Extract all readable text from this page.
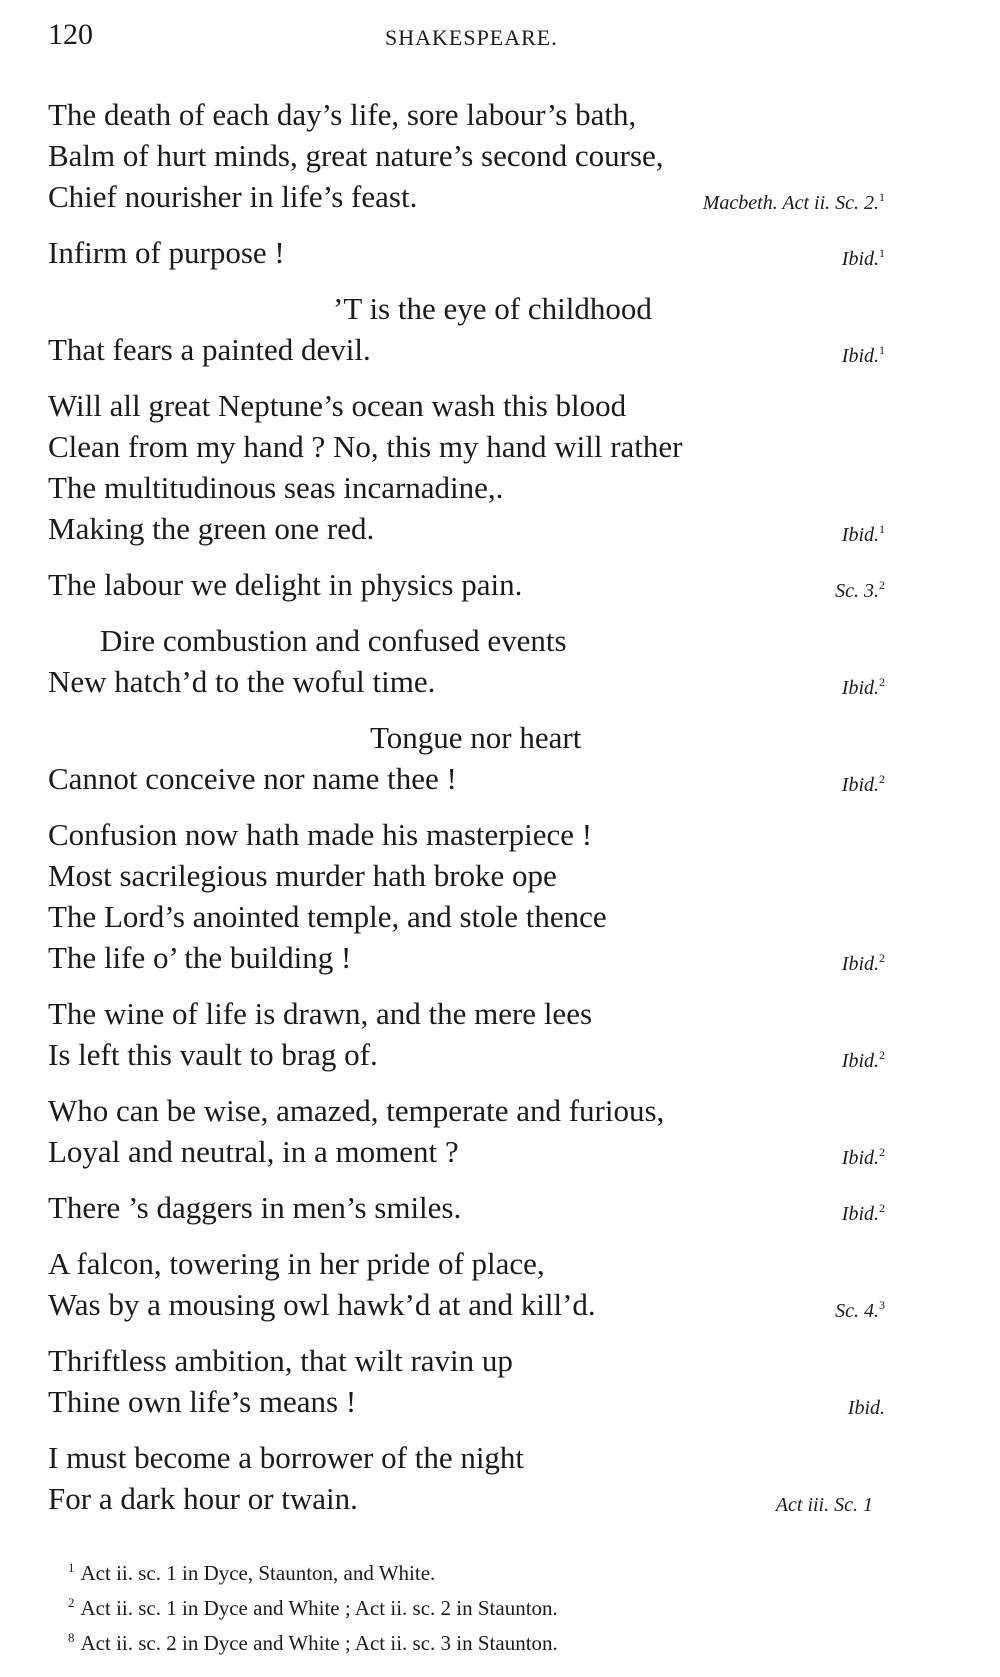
120	SHAKESPEARE.
The death of each day’s life, sore labour’s bath,
Balm of hurt minds, great nature’s second course,
Chief nourisher in life’s feast.	Macbeth. Act ii. Sc. 2.$^1$
Infirm of purpose !	Ibid.$^1$
’T is the eye of childhood
That fears a painted devil.	Ibid.$^1$
Will all great Neptune’s ocean wash this blood
Clean from my hand ? No, this my hand will rather
The multitudinous seas incarnadine,.
Making the green one red.	Ibid.$^1$
The labour we delight in physics pain.	Sc. 3.$^2$
Dire combustion and confused events
New hatch’d to the woful time.	Ibid.$^2$
Tongue nor heart
Cannot conceive nor name thee !	Ibid.$^2$
Confusion now hath made his masterpiece !
Most sacrilegious murder hath broke ope
The Lord’s anointed temple, and stole thence
The life o’ the building !	Ibid.$^2$
The wine of life is drawn, and the mere lees
Is left this vault to brag of.	Ibid.$^2$
Who can be wise, amazed, temperate and furious,
Loyal and neutral, in a moment ?	Ibid.$^2$
There ’s daggers in men’s smiles.	Ibid.$^2$
A falcon, towering in her pride of place,
Was by a mousing owl hawk’d at and kill’d.	Sc. 4.$^3$
Thriftless ambition, that wilt ravin up
Thine own life’s means !	Ibid.
I must become a borrower of the night
For a dark hour or twain.	Act iii. Sc. 1
$^1$ Act ii. sc. 1 in Dyce, Staunton, and White.
$^2$ Act ii. sc. 1 in Dyce and White ; Act ii. sc. 2 in Staunton.
$^8$ Act ii. sc. 2 in Dyce and White ; Act ii. sc. 3 in Staunton.
